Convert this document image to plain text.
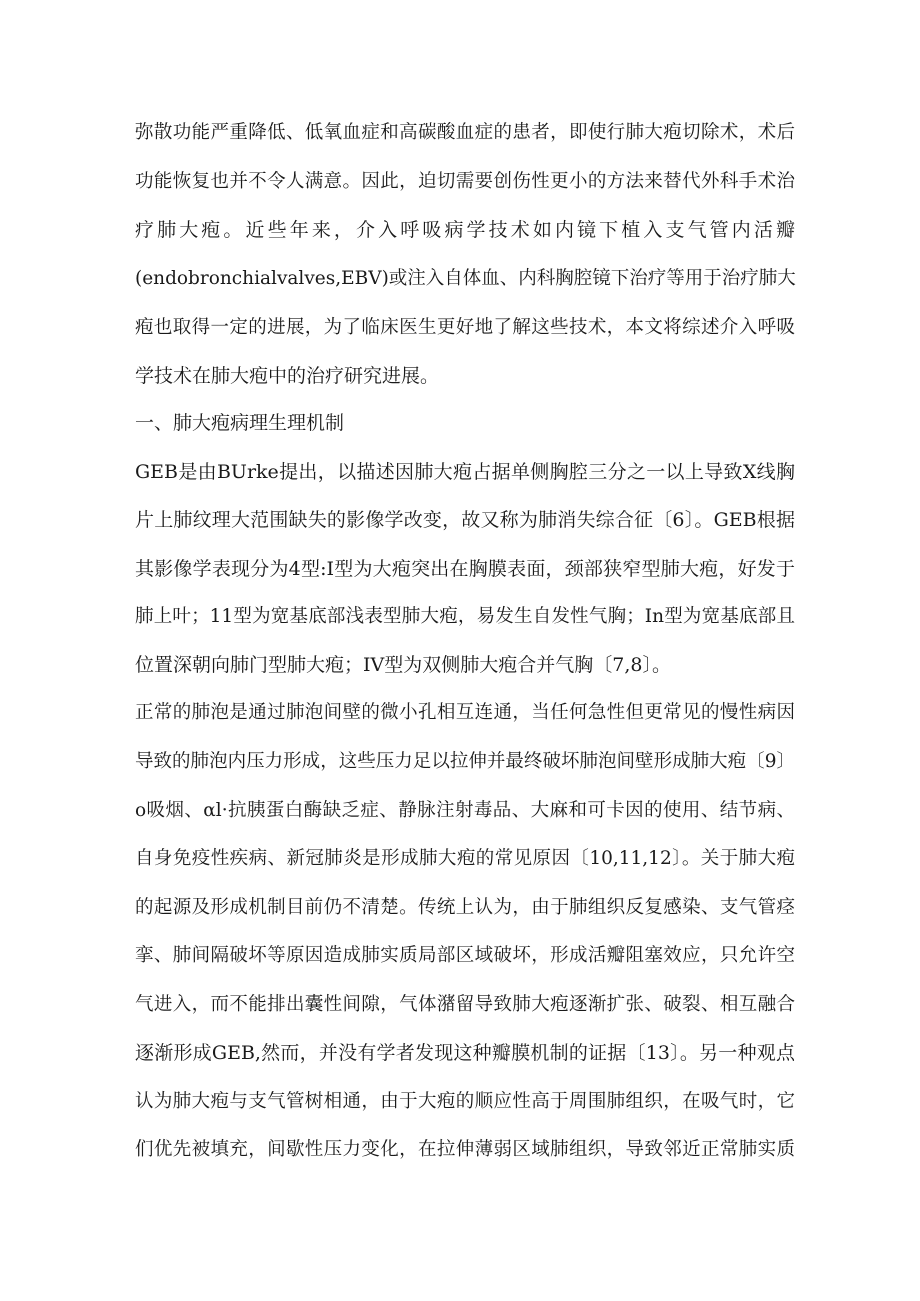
弥散功能严重降低、低氧血症和高碳酸血症的患者，即使行肺大疱切除术，术后
功能恢复也并不令人满意。因此，迫切需要创伤性更小的方法来替代外科手术治
疗肺大疱。近些年来，介入呼吸病学技术如内镜下植入支气管内活瓣
(endobronchialvalves,EBV)或注入自体血、内科胸腔镜下治疗等用于治疗肺大
疱也取得一定的进展，为了临床医生更好地了解这些技术，本文将综述介入呼吸
学技术在肺大疱中的治疗研究进展。
一、肺大疱病理生理机制
GEB是由BUrke提出，以描述因肺大疱占据单侧胸腔三分之一以上导致X线胸
片上肺纹理大范围缺失的影像学改变，故又称为肺消失综合征〔6〕。GEB根据
其影像学表现分为4型:I型为大疱突出在胸膜表面，颈部狭窄型肺大疱，好发于
肺上叶；11型为宽基底部浅表型肺大疱，易发生自发性气胸；In型为宽基底部且
位置深朝向肺门型肺大疱；IV型为双侧肺大疱合并气胸〔7,8〕。
正常的肺泡是通过肺泡间壁的微小孔相互连通，当任何急性但更常见的慢性病因
导致的肺泡内压力形成，这些压力足以拉伸并最终破坏肺泡间壁形成肺大疱〔9〕
o吸烟、αl·抗胰蛋白酶缺乏症、静脉注射毒品、大麻和可卡因的使用、结节病、
自身免疫性疾病、新冠肺炎是形成肺大疱的常见原因〔10,11,12〕。关于肺大疱
的起源及形成机制目前仍不清楚。传统上认为，由于肺组织反复感染、支气管痉
挛、肺间隔破坏等原因造成肺实质局部区域破坏，形成活瓣阻塞效应，只允许空
气进入，而不能排出囊性间隙，气体潴留导致肺大疱逐渐扩张、破裂、相互融合
逐渐形成GEB,然而，并没有学者发现这种瓣膜机制的证据〔13〕。另一种观点
认为肺大疱与支气管树相通，由于大疱的顺应性高于周围肺组织，在吸气时，它
们优先被填充，间歇性压力变化，在拉伸薄弱区域肺组织，导致邻近正常肺实质
